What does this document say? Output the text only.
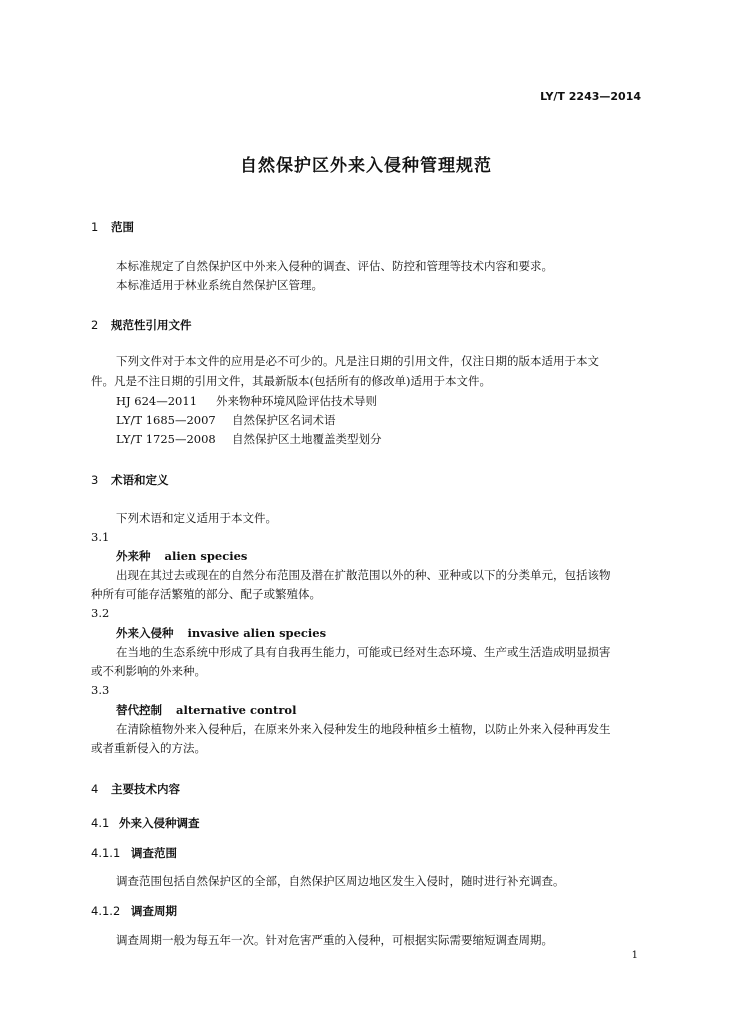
LY/T 2243—2014
自然保护区外来入侵种管理规范
1 范围
本标准规定了自然保护区中外来入侵种的调查、评估、防控和管理等技术内容和要求。
本标准适用于林业系统自然保护区管理。
2 规范性引用文件
下列文件对于本文件的应用是必不可少的。凡是注日期的引用文件，仅注日期的版本适用于本文
件。凡是不注日期的引用文件，其最新版本(包括所有的修改单)适用于本文件。
HJ 624—2011 外来物种环境风险评估技术导则
LY/T 1685—2007 自然保护区名词术语
LY/T 1725—2008 自然保护区土地覆盖类型划分
3 术语和定义
下列术语和定义适用于本文件。
3.1
外来种 alien species
出现在其过去或现在的自然分布范围及潜在扩散范围以外的种、亚种或以下的分类单元，包括该物
种所有可能存活繁殖的部分、配子或繁殖体。
3.2
外来入侵种 invasive alien species
在当地的生态系统中形成了具有自我再生能力，可能或已经对生态环境、生产或生活造成明显损害
或不利影响的外来种。
3.3
替代控制 alternative control
在清除植物外来入侵种后，在原来外来入侵种发生的地段种植乡土植物，以防止外来入侵种再发生
或者重新侵入的方法。
4 主要技术内容
4.1 外来入侵种调查
4.1.1 调查范围
调查范围包括自然保护区的全部，自然保护区周边地区发生入侵时，随时进行补充调查。
4.1.2 调查周期
调查周期一般为每五年一次。针对危害严重的入侵种，可根据实际需要缩短调查周期。
1
